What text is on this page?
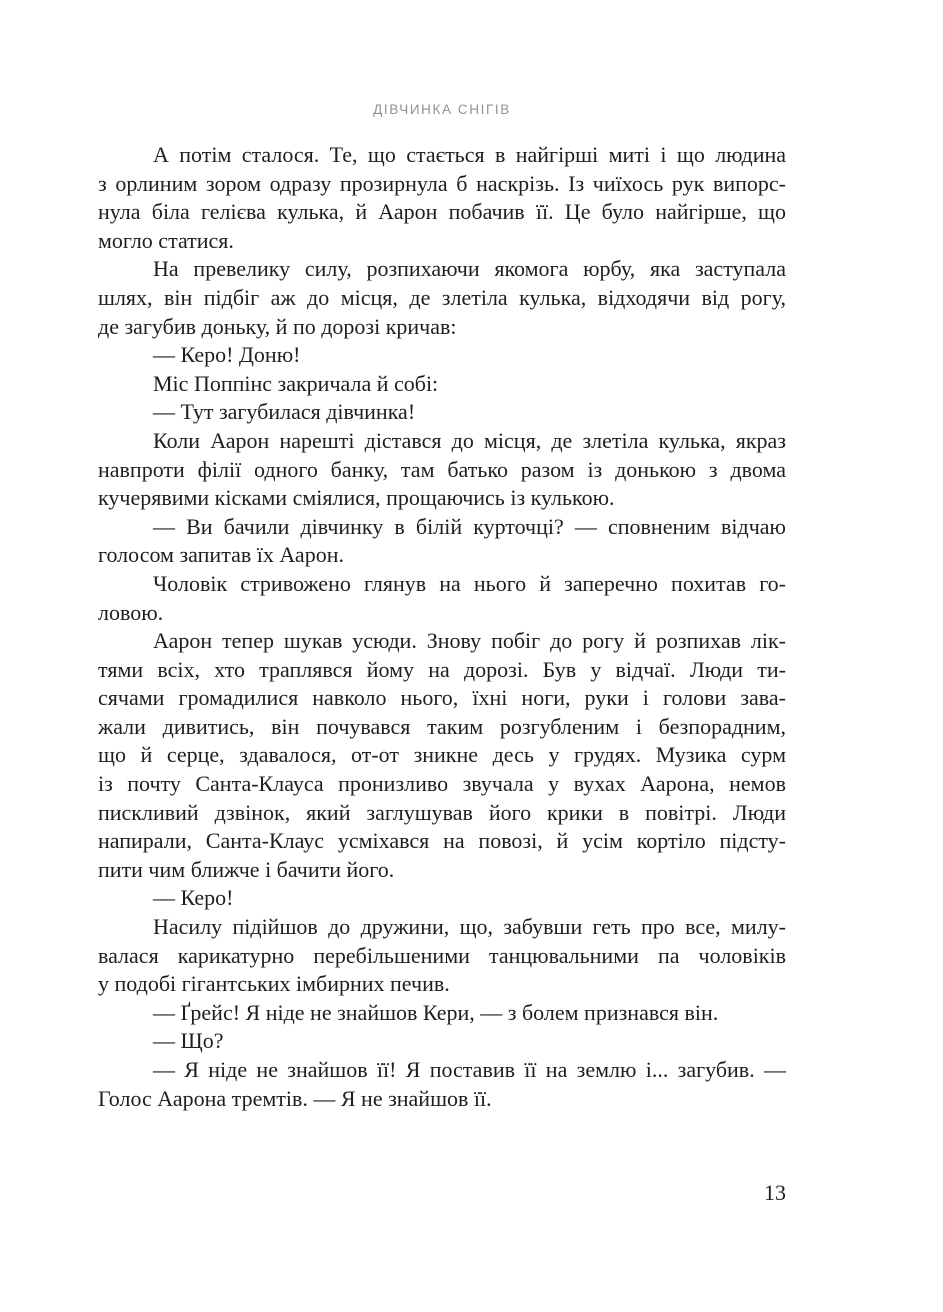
ДІВЧИНКА СНІГІВ
А потім сталося. Те, що стається в найгірші миті і що людина
з орлиним зором одразу прозирнула б наскрізь. Із чиїхось рук випорс-
нула біла гелієва кулька, й Аарон побачив її. Це було найгірше, що
могло статися.
На превелику силу, розпихаючи якомога юрбу, яка заступала
шлях, він підбіг аж до місця, де злетіла кулька, відходячи від рогу,
де загубив доньку, й по дорозі кричав:
— Керо! Доню!
Міс Поппінс закричала й собі:
— Тут загубилася дівчинка!
Коли Аарон нарешті дістався до місця, де злетіла кулька, якраз
навпроти філії одного банку, там батько разом із донькою з двома
кучерявими кісками сміялися, прощаючись із кулькою.
— Ви бачили дівчинку в білій курточці? — сповненим відчаю
голосом запитав їх Аарон.
Чоловік стривожено глянув на нього й заперечно похитав го-
ловою.
Аарон тепер шукав усюди. Знову побіг до рогу й розпихав лік-
тями всіх, хто траплявся йому на дорозі. Був у відчаї. Люди ти-
сячами громадилися навколо нього, їхні ноги, руки і голови зава-
жали дивитись, він почувався таким розгубленим і безпорадним,
що й серце, здавалося, от-от зникне десь у грудях. Музика сурм
із почту Санта-Клауса пронизливо звучала у вухах Аарона, немов
пискливий дзвінок, який заглушував його крики в повітрі. Люди
напирали, Санта-Клаус усміхався на повозі, й усім кортіло підсту-
пити чим ближче і бачити його.
— Керо!
Насилу підійшов до дружини, що, забувши геть про все, милу-
валася карикатурно перебільшеними танцювальними па чоловіків
у подобі гігантських імбирних печив.
— Ґрейс! Я ніде не знайшов Кери, — з болем признався він.
— Що?
— Я ніде не знайшов її! Я поставив її на землю і... загубив. —
Голос Аарона тремтів. — Я не знайшов її.
13
